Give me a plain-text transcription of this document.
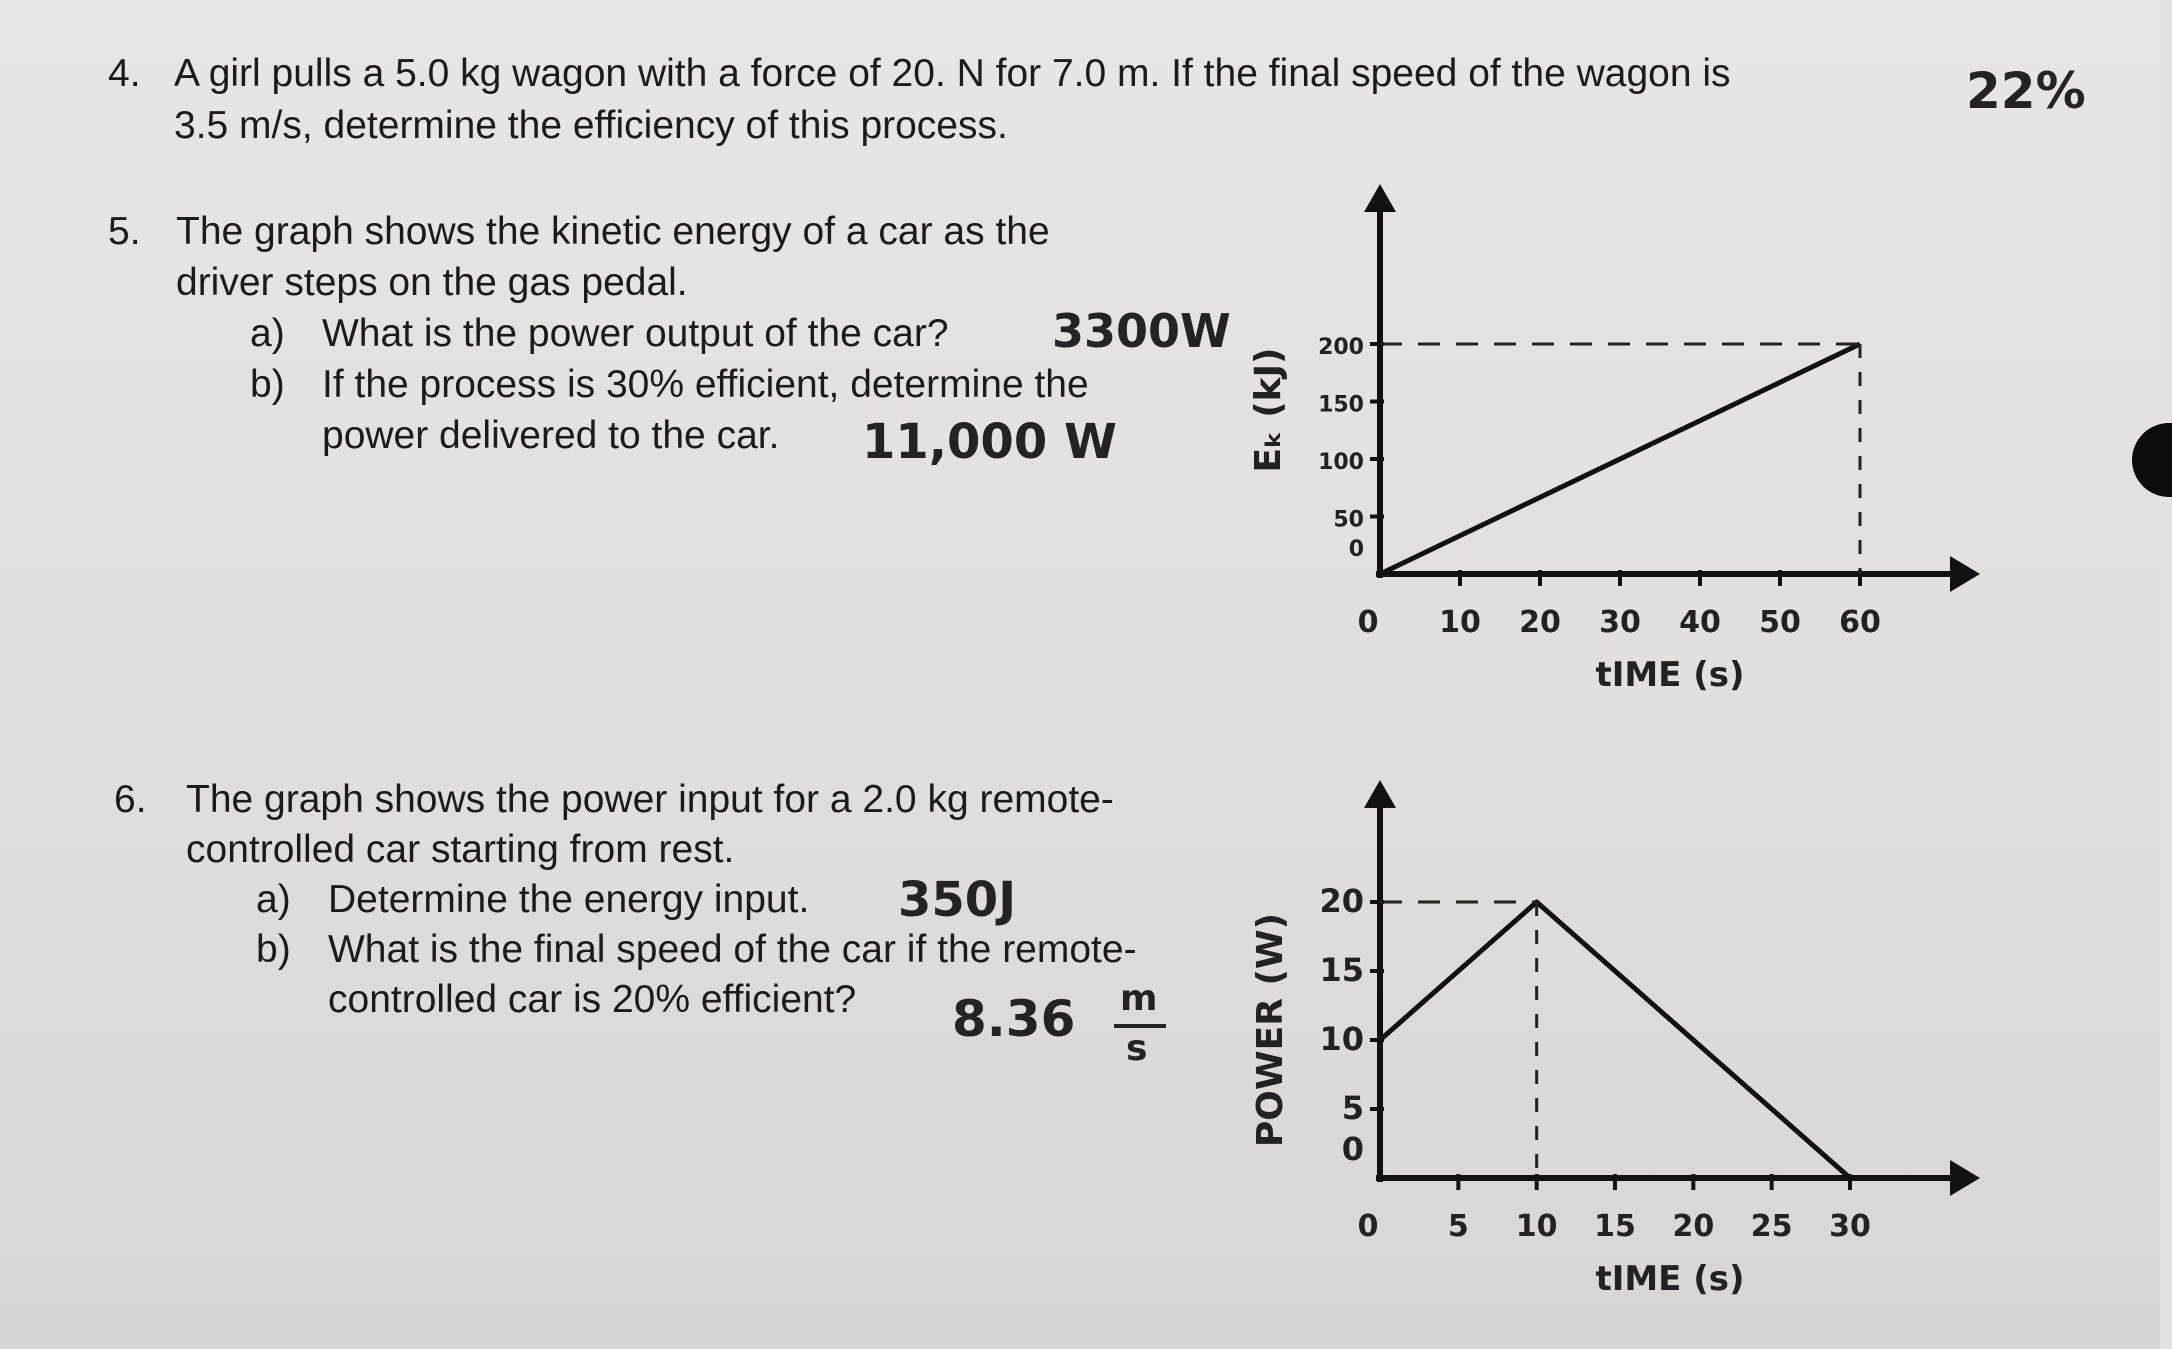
4. A girl pulls a 5.0 kg wagon with a force of 20. N for 7.0 m. If the final speed of the wagon is
3.5 m/s, determine the efficiency of this process.
22%
5. The graph shows the kinetic energy of a car as the
driver steps on the gas pedal.
a) What is the power output of the car?
b) If the process is 30% efficient, determine the
power delivered to the car.
3300W
11,000 W
6. The graph shows the power input for a 2.0 kg remote-
controlled car starting from rest.
a) Determine the energy input.
b) What is the final speed of the car if the remote-
controlled car is 20% efficient?
350J
8.36 m
s
0
50
100
150
200
0 10 20 30 40 50 60
tIME (s)
Eₖ (kJ)
0
5
10
15
20
0 5 10 15 20 25 30
tIME (s)
POWER (W)
